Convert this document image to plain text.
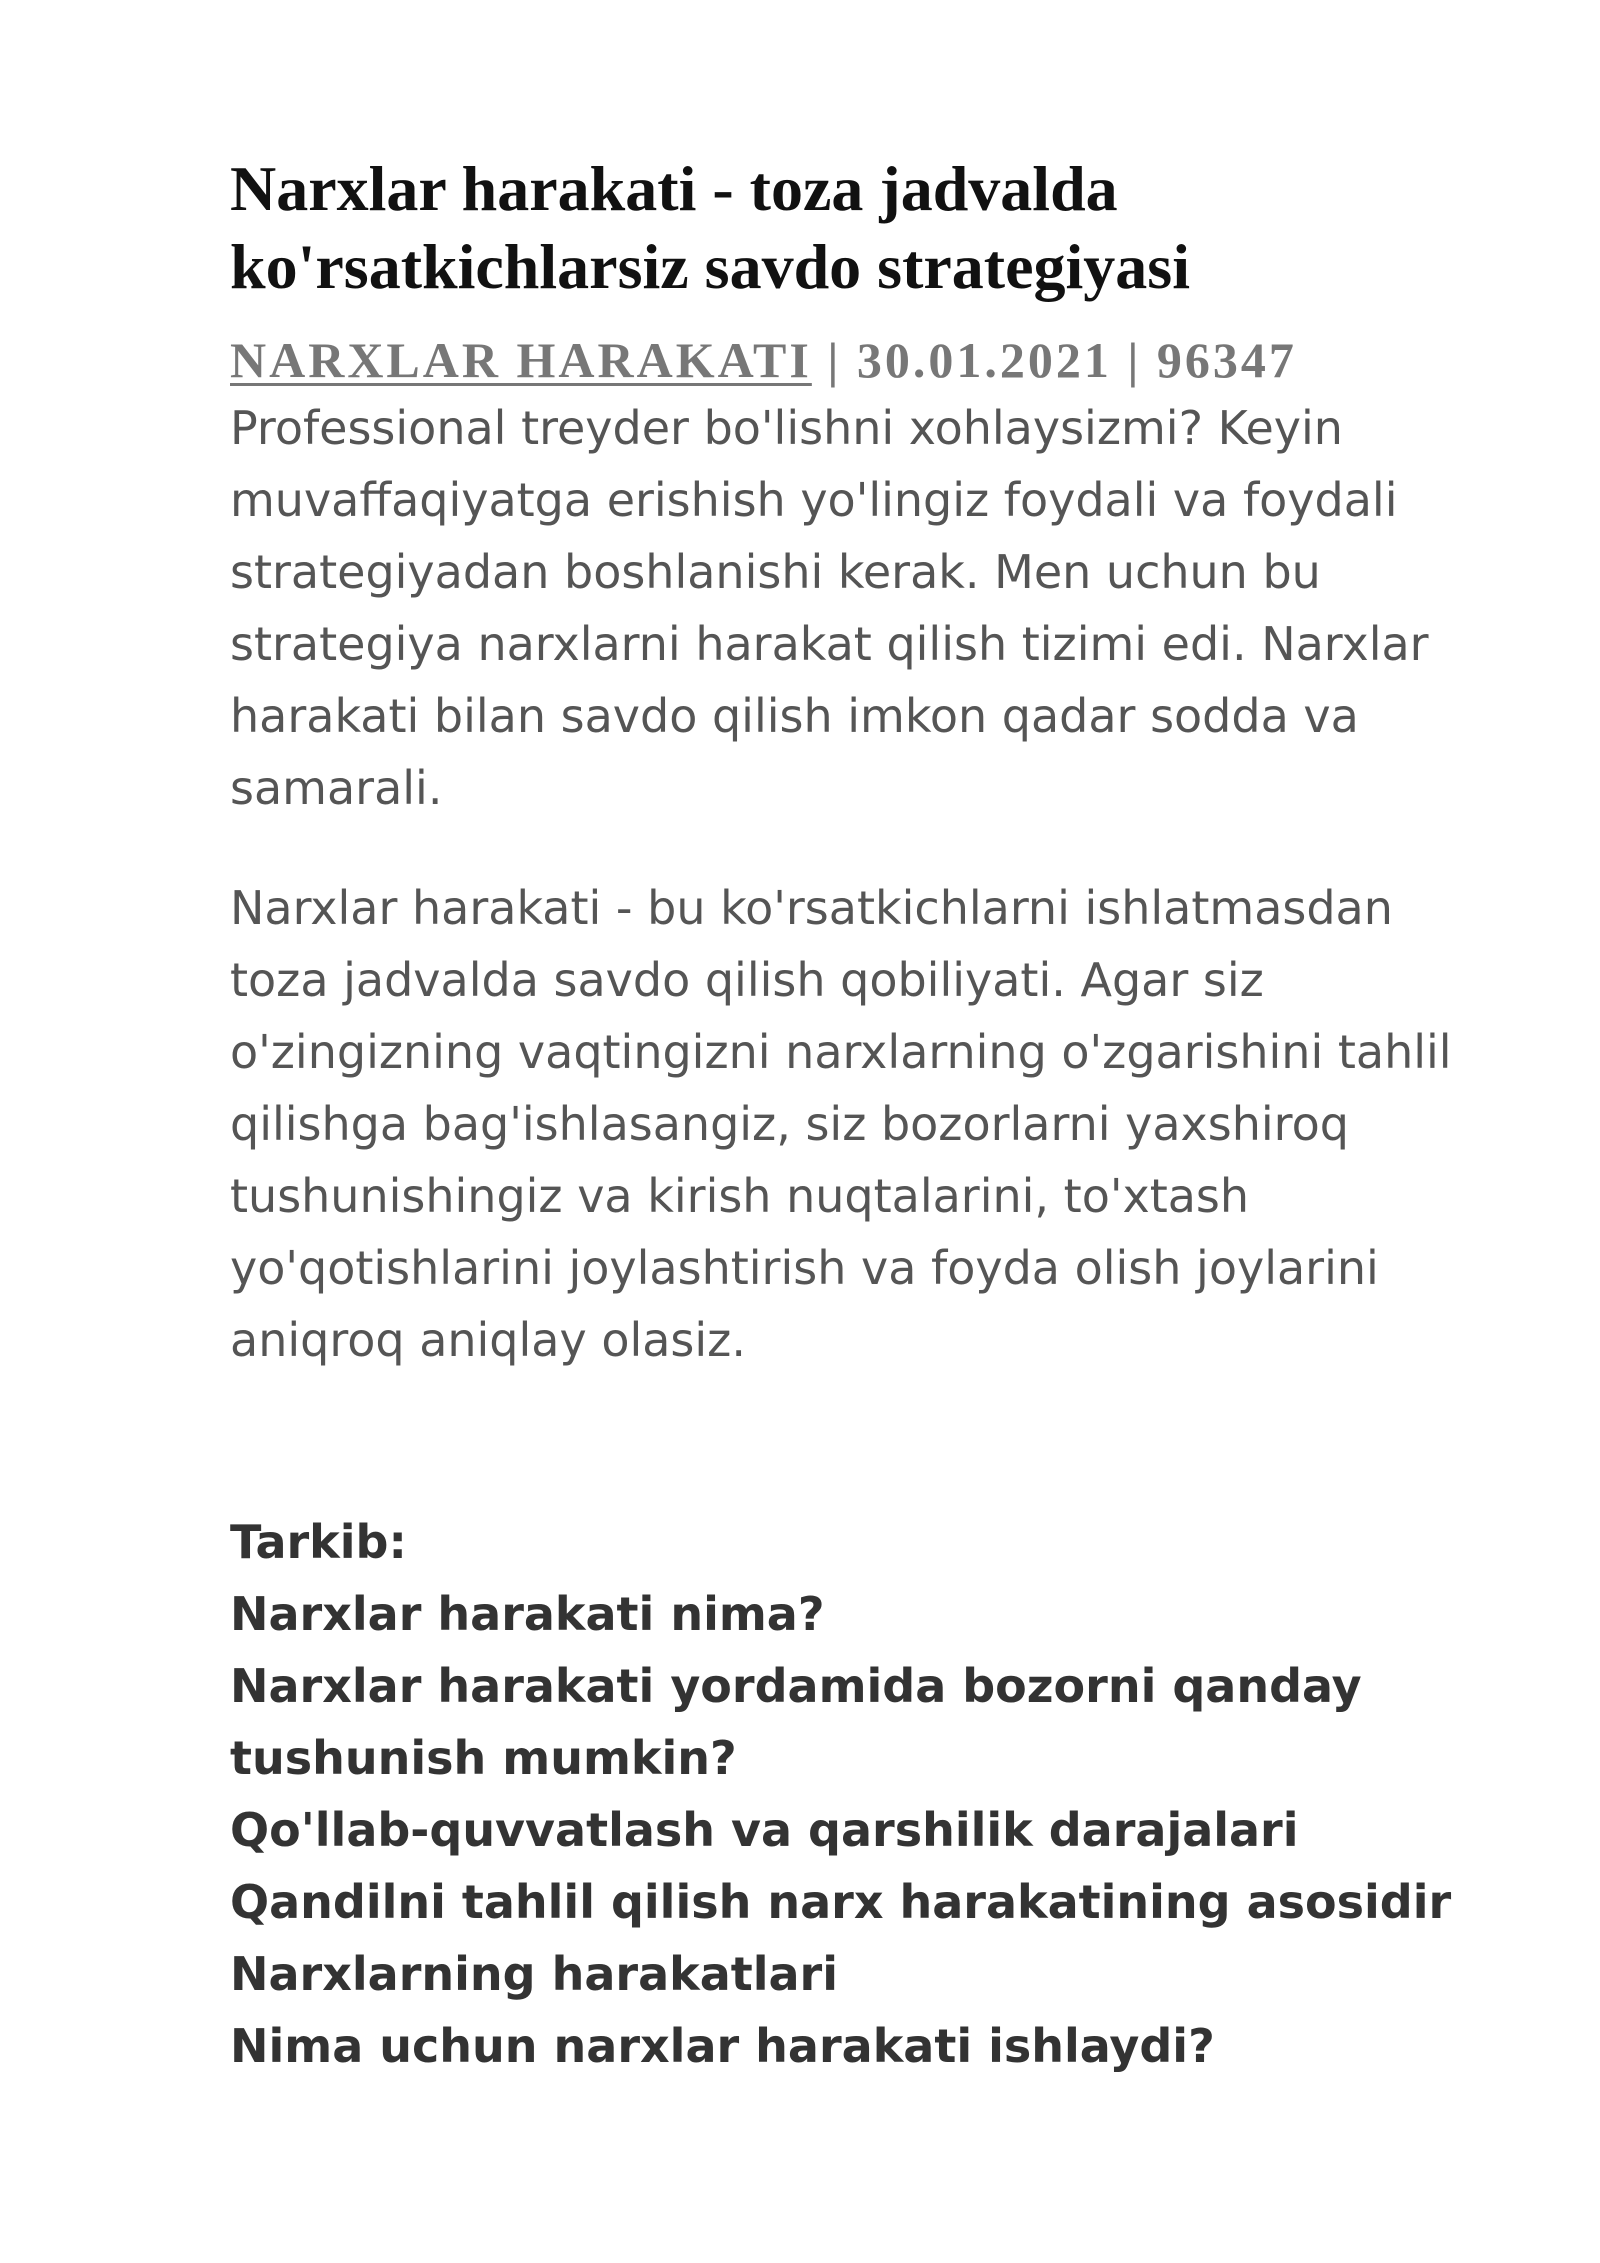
Narxlar harakati - toza jadvalda ko'rsatkichlarsiz savdo strategiyasi
NARXLAR HARAKATI | 30.01.2021 | 96347

Professional treyder bo'lishni xohlaysizmi? Keyin muvaffaqiyatga erishish yo'lingiz foydali va foydali strategiyadan boshlanishi kerak. Men uchun bu strategiya narxlarni harakat qilish tizimi edi. Narxlar harakati bilan savdo qilish imkon qadar sodda va samarali.

Narxlar harakati - bu ko'rsatkichlarni ishlatmasdan toza jadvalda savdo qilish qobiliyati. Agar siz o'zingizning vaqtingizni narxlarning o'zgarishini tahlil qilishga bag'ishlasangiz, siz bozorlarni yaxshiroq tushunishingiz va kirish nuqtalarini, to'xtash yo'qotishlarini joylashtirish va foyda olish joylarini aniqroq aniqlay olasiz.

Tarkib:
Narxlar harakati nima?
Narxlar harakati yordamida bozorni qanday tushunish mumkin?
Qo'llab-quvvatlash va qarshilik darajalari
Qandilni tahlil qilish narx harakatining asosidir
Narxlarning harakatlari
Nima uchun narxlar harakati ishlaydi?
